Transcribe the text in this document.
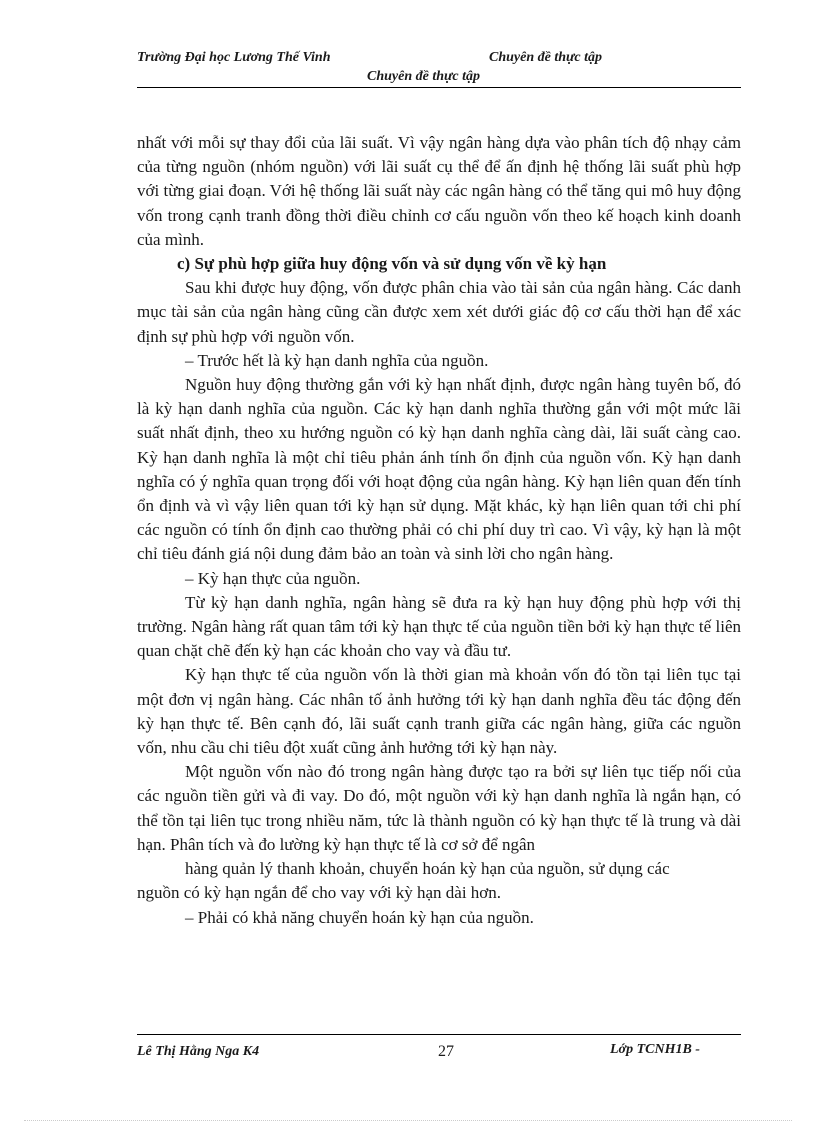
Trường Đại học Lương Thế Vinh	Chuyên đề thực tập
Chuyên đề thực tập

nhất với mỗi sự thay đổi của lãi suất. Vì vậy ngân hàng dựa vào phân tích độ nhạy cảm của từng nguồn (nhóm nguồn) với lãi suất cụ thể để ấn định hệ thống lãi suất phù hợp với từng giai đoạn. Với hệ thống lãi suất này các ngân hàng có thể tăng qui mô huy động vốn trong cạnh tranh đồng thời điều chỉnh cơ cấu nguồn vốn theo kế hoạch kinh doanh của mình.

c) Sự phù hợp giữa huy động vốn và sử dụng vốn về kỳ hạn

Sau khi được huy động, vốn được phân chia vào tài sản của ngân hàng. Các danh mục tài sản của ngân hàng cũng cần được xem xét dưới giác độ cơ cấu thời hạn để xác định sự phù hợp với nguồn vốn.

– Trước hết là kỳ hạn danh nghĩa của nguồn.

Nguồn huy động thường gắn với kỳ hạn nhất định, được ngân hàng tuyên bố, đó là kỳ hạn danh nghĩa của nguồn. Các kỳ hạn danh nghĩa thường gắn với một mức lãi suất nhất định, theo xu hướng nguồn có kỳ hạn danh nghĩa càng dài, lãi suất càng cao. Kỳ hạn danh nghĩa là một chỉ tiêu phản ánh tính ổn định của nguồn vốn. Kỳ hạn danh nghĩa có ý nghĩa quan trọng đối với hoạt động của ngân hàng. Kỳ hạn liên quan đến tính ổn định và vì vậy liên quan tới kỳ hạn sử dụng. Mặt khác, kỳ hạn liên quan tới chi phí các nguồn có tính ổn định cao thường phải có chi phí duy trì cao. Vì vậy, kỳ hạn là một chỉ tiêu đánh giá nội dung đảm bảo an toàn và sinh lời cho ngân hàng.

– Kỳ hạn thực của nguồn.

Từ kỳ hạn danh nghĩa, ngân hàng sẽ đưa ra kỳ hạn huy động phù hợp với thị trường. Ngân hàng rất quan tâm tới kỳ hạn thực tế của nguồn tiền bởi kỳ hạn thực tế liên quan chặt chẽ đến kỳ hạn các khoản cho vay và đầu tư.

Kỳ hạn thực tế của nguồn vốn là thời gian mà khoản vốn đó tồn tại liên tục tại một đơn vị ngân hàng. Các nhân tố ảnh hưởng tới kỳ hạn danh nghĩa đều tác động đến kỳ hạn thực tế. Bên cạnh đó, lãi suất cạnh tranh giữa các ngân hàng, giữa các nguồn vốn, nhu cầu chi tiêu đột xuất cũng ảnh hưởng tới kỳ hạn này.

Một nguồn vốn nào đó trong ngân hàng được tạo ra bởi sự liên tục tiếp nối của các nguồn tiền gửi và đi vay. Do đó, một nguồn với kỳ hạn danh nghĩa là ngắn hạn, có thể tồn tại liên tục trong nhiều năm, tức là thành nguồn có kỳ hạn thực tế là trung và dài hạn. Phân tích và đo lường kỳ hạn thực tế là cơ sở để ngân

hàng quản lý thanh khoản, chuyển hoán kỳ hạn của nguồn, sử dụng các

nguồn có kỳ hạn ngắn để cho vay với kỳ hạn dài hơn.

– Phải có khả năng chuyển hoán kỳ hạn của nguồn.

Lê Thị Hằng Nga K4	27	Lớp TCNH1B -
